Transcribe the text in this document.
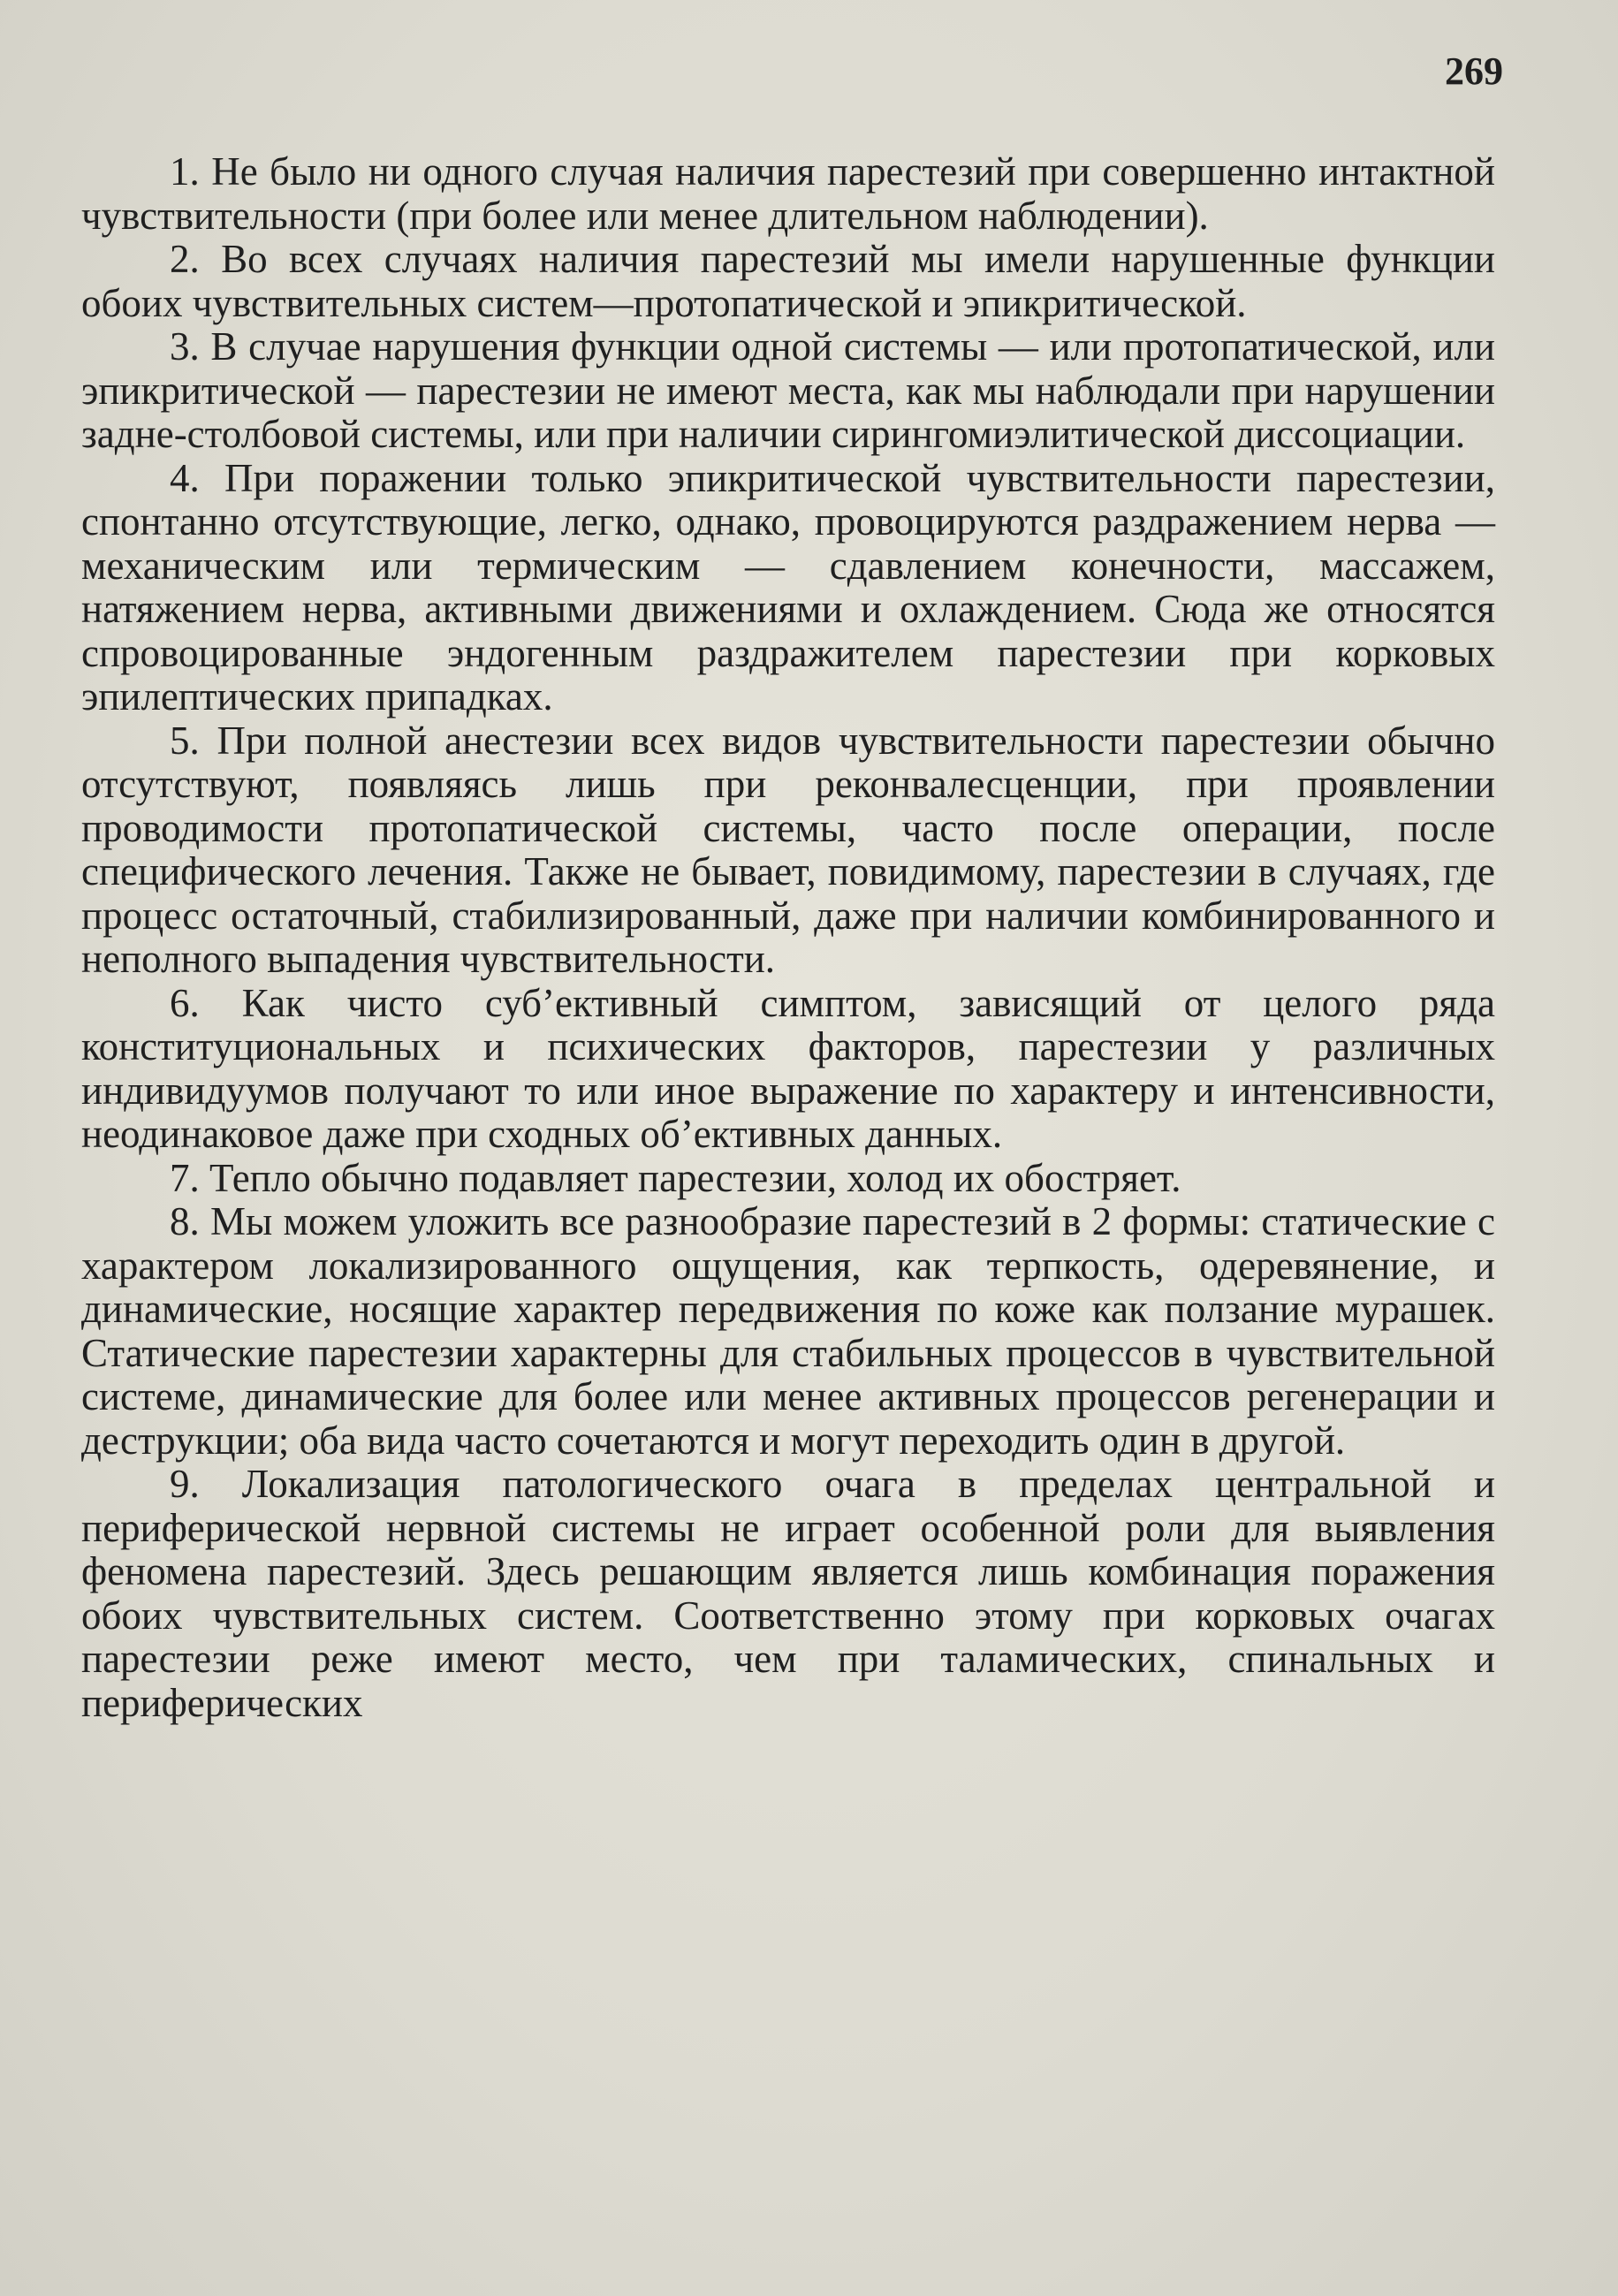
269

1. Не было ни одного случая наличия парестезий при совершенно интактной чувствительности (при более или менее длительном наблюдении).

2. Во всех случаях наличия парестезий мы имели нарушенные функции обоих чувствительных систем—протопатической и эпикритической.

3. В случае нарушения функции одной системы — или протопатической, или эпикритической — парестезии не имеют места, как мы наблюдали при нарушении задне-столбовой системы, или при наличии сирингомиэлитической диссоциации.

4. При поражении только эпикритической чувствительности парестезии, спонтанно отсутствующие, легко, однако, провоцируются раздражением нерва — механическим или термическим — сдавлением конечности, массажем, натяжением нерва, активными движениями и охлаждением. Сюда же относятся спровоцированные эндогенным раздражителем парестезии при корковых эпилептических припадках.

5. При полной анестезии всех видов чувствительности парестезии обычно отсутствуют, появляясь лишь при реконвалесценции, при проявлении проводимости протопатической системы, часто после операции, после специфического лечения. Также не бывает, повидимому, парестезии в случаях, где процесс остаточный, стабилизированный, даже при наличии комбинированного и неполного выпадения чувствительности.

6. Как чисто суб’ективный симптом, зависящий от целого ряда конституциональных и психических факторов, парестезии у различных индивидуумов получают то или иное выражение по характеру и интенсивности, неодинаковое даже при сходных об’ективных данных.

7. Тепло обычно подавляет парестезии, холод их обостряет.

8. Мы можем уложить все разнообразие парестезий в 2 формы: статические с характером локализированного ощущения, как терпкость, одеревянение, и динамические, носящие характер передвижения по коже как ползание мурашек. Статические парестезии характерны для стабильных процессов в чувствительной системе, динамические для более или менее активных процессов регенерации и деструкции; оба вида часто сочетаются и могут переходить один в другой.

9. Локализация патологического очага в пределах центральной и периферической нервной системы не играет особенной роли для выявления феномена парестезий. Здесь решающим является лишь комбинация поражения обоих чувствительных систем. Соответственно этому при корковых очагах парестезии реже имеют место, чем при таламических, спинальных и периферических
